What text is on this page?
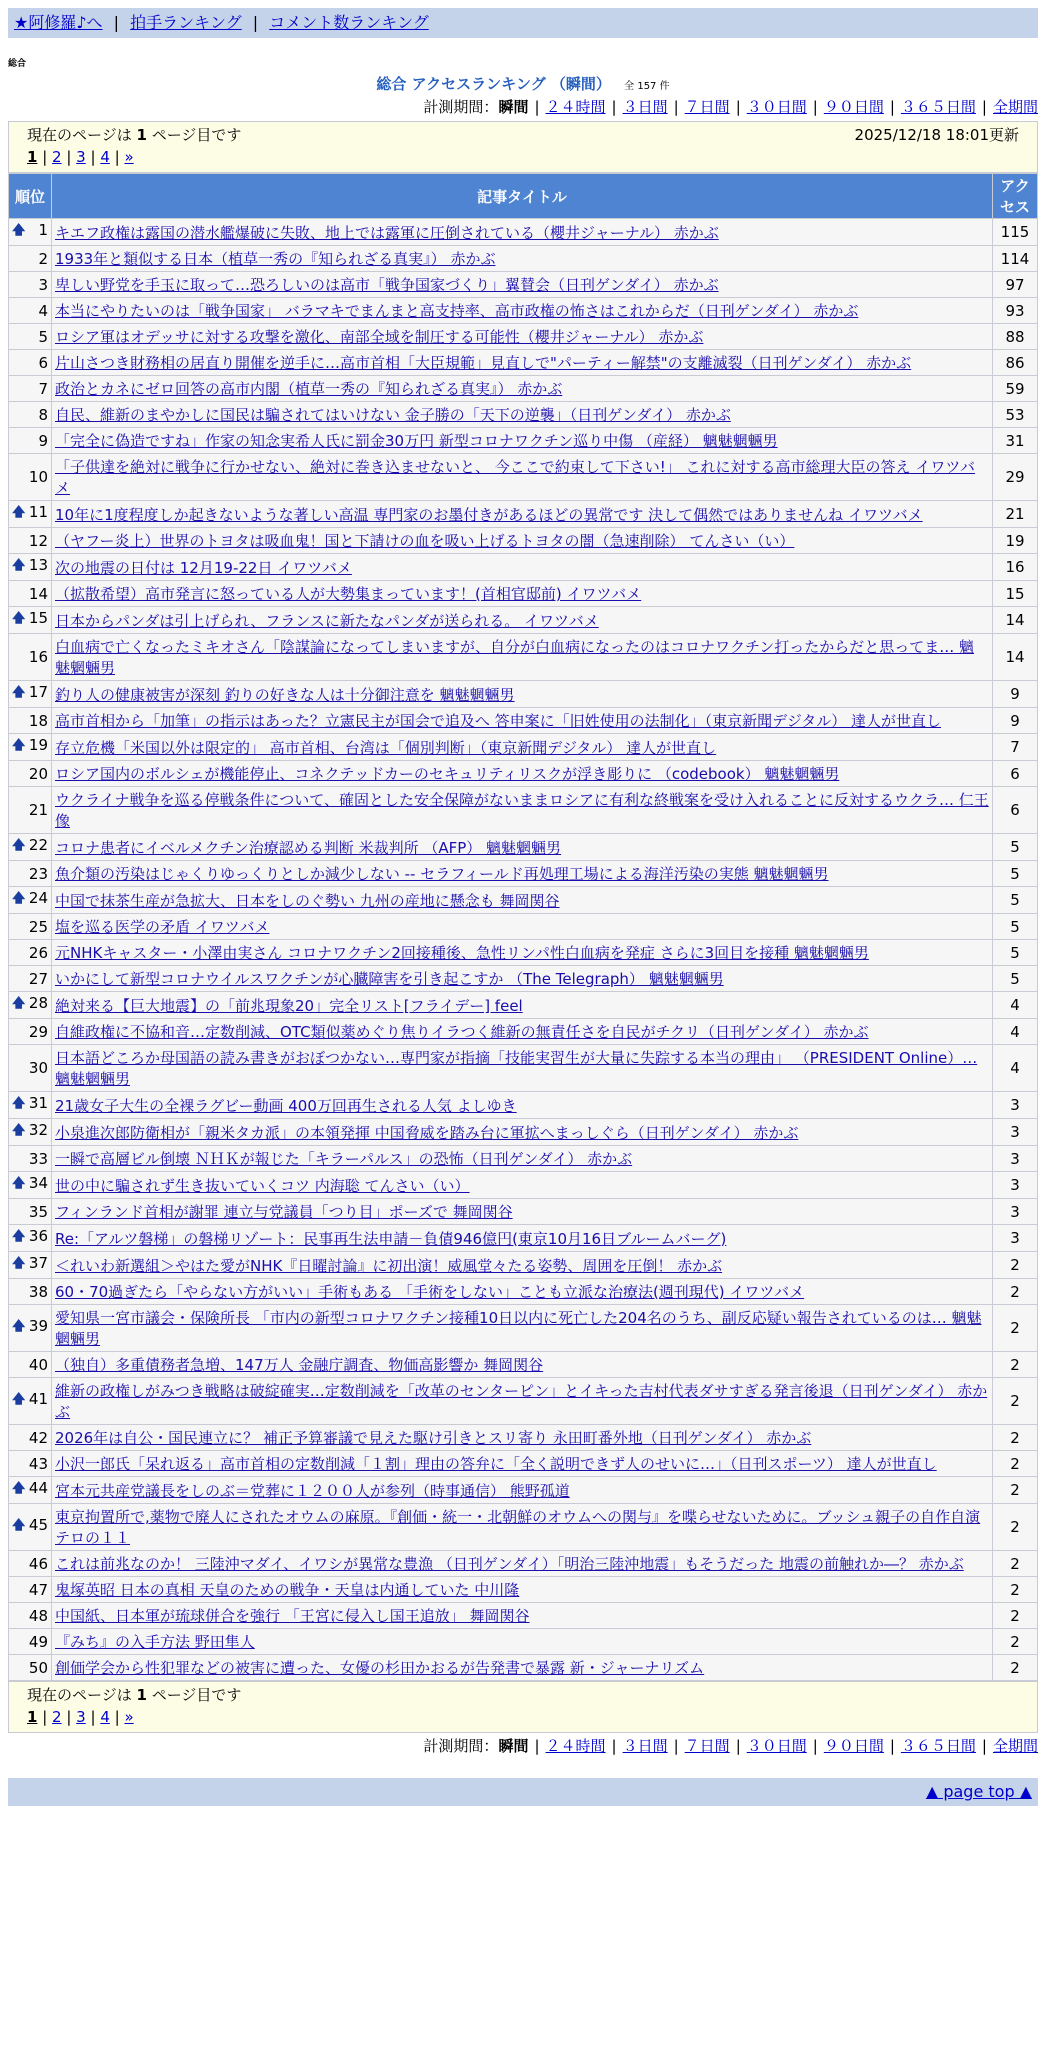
★阿修羅♪へ | 拍手ランキング | コメント数ランキング
総合
総合 アクセスランキング （瞬間） 全 157 件
計測期間：瞬間 | ２４時間 | ３日間 | ７日間 | ３０日間 | ９０日間 | ３６５日間 | 全期間
現在のページは 1 ページ目です	2025/12/18 18:01更新
1 | 2 | 3 | 4 | »
順位	記事タイトル	アクセス

🡅 1	キエフ政権は露国の潜水艦爆破に失敗、地上では露軍に圧倒されている（櫻井ジャーナル） 赤かぶ	115
2	1933年と類似する日本（植草一秀の『知られざる真実』） 赤かぶ	114
3	卑しい野党を手玉に取って…恐ろしいのは高市「戦争国家づくり」翼賛会（日刊ゲンダイ） 赤かぶ	97
4	本当にやりたいのは「戦争国家」 バラマキでまんまと高支持率、高市政権の怖さはこれからだ（日刊ゲンダイ） 赤かぶ	93
5	ロシア軍はオデッサに対する攻撃を激化、南部全域を制圧する可能性（櫻井ジャーナル） 赤かぶ	88
6	片山さつき財務相の居直り開催を逆手に…高市首相「大臣規範」見直しで"パーティー解禁"の支離滅裂（日刊ゲンダイ） 赤かぶ	86
7	政治とカネにゼロ回答の高市内閣（植草一秀の『知られざる真実』） 赤かぶ	59
8	自民、維新のまやかしに国民は騙されてはいけない 金子勝の「天下の逆襲」（日刊ゲンダイ） 赤かぶ	53
9	「完全に偽造ですね」作家の知念実希人氏に罰金30万円 新型コロナワクチン巡り中傷 （産経） 魑魅魍魎男	31
10	「子供達を絶対に戦争に行かせない、絶対に巻き込ませないと、 今ここで約束して下さい!」 これに対する高市総理大臣の答え イワツバメ	29

🡅 11	10年に1度程度しか起きないような著しい高温 専門家のお墨付きがあるほどの異常です 決して偶然ではありませんね イワツバメ	21
12	（ヤフー炎上）世界のトヨタは吸血鬼！国と下請けの血を吸い上げるトヨタの闇（急速削除） てんさい（い）	19

🡅 13	次の地震の日付は 12月19-22日 イワツバメ	16
14	（拡散希望）高市発言に怒っている人が大勢集まっています！(首相官邸前) イワツバメ	15

🡅 15	日本からパンダは引上げられ、フランスに新たなパンダが送られる。 イワツバメ	14
16	白血病で亡くなったミキオさん「陰謀論になってしまいますが、自分が白血病になったのはコロナワクチン打ったからだと思ってま… 魑魅魍魎男	14

🡅 17	釣り人の健康被害が深刻 釣りの好きな人は十分御注意を 魑魅魍魎男	9
18	高市首相から「加筆」の指示はあった？立憲民主が国会で追及へ 答申案に「旧姓使用の法制化」（東京新聞デジタル） 達人が世直し	9

🡅 19	存立危機「米国以外は限定的」 高市首相、台湾は「個別判断」（東京新聞デジタル） 達人が世直し	7
20	ロシア国内のボルシェが機能停止、コネクテッドカーのセキュリティリスクが浮き彫りに （codebook） 魑魅魍魎男	6
21	ウクライナ戦争を巡る停戦条件について、確固とした安全保障がないままロシアに有利な終戦案を受け入れることに反対するウクラ… 仁王像	6

🡅 22	コロナ患者にイベルメクチン治療認める判断 米裁判所 （AFP） 魑魅魍魎男	5
23	魚介類の汚染はじゃくりゆっくりとしか減少しない -- セラフィールド再処理工場による海洋汚染の実態 魑魅魍魎男	5

🡅 24	中国で抹茶生産が急拡大、日本をしのぐ勢い 九州の産地に懸念も 舞岡関谷	5
25	塩を巡る医学の矛盾 イワツバメ	5
26	元NHKキャスター・小澤由実さん コロナワクチン2回接種後、急性リンパ性白血病を発症 さらに3回目を接種 魑魅魍魎男	5
27	いかにして新型コロナウイルスワクチンが心臓障害を引き起こすか （The Telegraph） 魑魅魍魎男	5

🡅 28	絶対来る【巨大地震】の「前兆現象20」完全リスト[フライデー] feel	4
29	自維政権に不協和音…定数削減、OTC類似薬めぐり焦りイラつく維新の無責任さを自民がチクリ（日刊ゲンダイ） 赤かぶ	4
30	日本語どころか母国語の読み書きがおぼつかない…専門家が指摘「技能実習生が大量に失踪する本当の理由」 （PRESIDENT Online）… 魑魅魍魎男	4

🡅 31	21歳女子大生の全裸ラグビー動画 400万回再生される人気 よしゆき	3

🡅 32	小泉進次郎防衛相が「親米タカ派」の本領発揮 中国脅威を踏み台に軍拡へまっしぐら（日刊ゲンダイ） 赤かぶ	3
33	一瞬で高層ビル倒壊 ＮＨＫが報じた「キラーパルス」の恐怖（日刊ゲンダイ） 赤かぶ	3

🡅 34	世の中に騙されず生き抜いていくコツ 内海聡 てんさい（い）	3
35	フィンランド首相が謝罪 連立与党議員「つり目」ポーズで 舞岡関谷	3

🡅 36	Re:「アルツ磐梯」の磐梯リゾート：民事再生法申請－負債946億円(東京10月16日ブルームバーグ)	3

🡅 37	＜れいわ新選組＞やはた愛がNHK『日曜討論』に初出演！威風堂々たる姿勢、周囲を圧倒！ 赤かぶ	2
38	60・70過ぎたら「やらない方がいい」手術もある 「手術をしない」ことも立派な治療法(週刊現代) イワツバメ	2

🡅 39	愛知県一宮市議会・保険所長 「市内の新型コロナワクチン接種10日以内に死亡した204名のうち、副反応疑い報告されているのは… 魑魅魍魎男	2
40	（独自）多重債務者急増、147万人 金融庁調査、物価高影響か 舞岡関谷	2

🡅 41	維新の政権しがみつき戦略は破綻確実…定数削減を「改革のセンターピン」とイキった吉村代表ダサすぎる発言後退（日刊ゲンダイ） 赤かぶ	2
42	2026年は自公・国民連立に？ 補正予算審議で見えた駆け引きとスリ寄り 永田町番外地（日刊ゲンダイ） 赤かぶ	2
43	小沢一郎氏「呆れ返る」高市首相の定数削減「１割」理由の答弁に「全く説明できず人のせいに…」（日刊スポーツ） 達人が世直し	2

🡅 44	宮本元共産党議長をしのぶ＝党葬に１２００人が参列（時事通信） 熊野孤道	2

🡅 45	東京拘置所で,薬物で廃人にされたオウムの麻原。『創価・統一・北朝鮮のオウムへの関与』を喋らせないために。ブッシュ親子の自作自演テロの１１	2
46	これは前兆なのか！ 三陸沖マダイ、イワシが異常な豊漁 （日刊ゲンダイ）「明治三陸沖地震」もそうだった 地震の前触れか―？ 赤かぶ	2
47	鬼塚英昭 日本の真相 天皇のための戦争・天皇は内通していた 中川隆	2
48	中国紙、日本軍が琉球併合を強行 「王宮に侵入し国王追放」 舞岡関谷	2
49	『みち』の入手方法 野田隼人	2
50	創価学会から性犯罪などの被害に遭った、女優の杉田かおるが告発書で暴露 新・ジャーナリズム	2
現在のページは 1 ページ目です
1 | 2 | 3 | 4 | »
計測期間：瞬間 | ２４時間 | ３日間 | ７日間 | ３０日間 | ９０日間 | ３６５日間 | 全期間
▲ page top ▲
